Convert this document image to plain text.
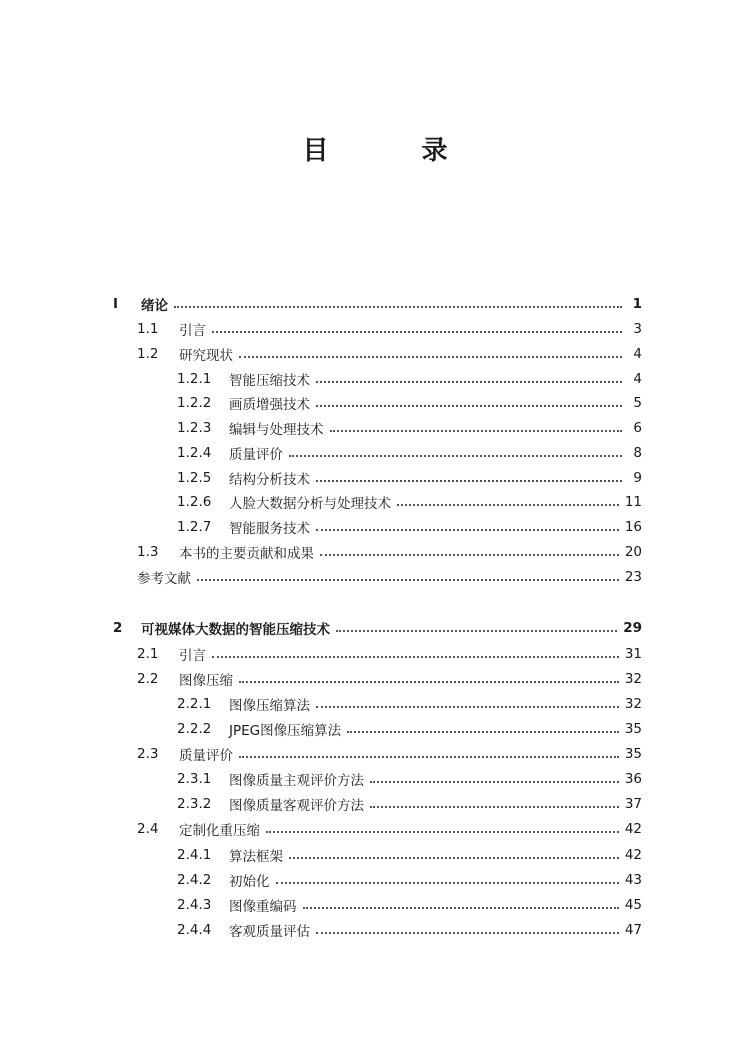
目 录
I	绪论	1
1.1	引言	3
1.2	研究现状	4
1.2.1	智能压缩技术	4
1.2.2	画质增强技术	5
1.2.3	编辑与处理技术	6
1.2.4	质量评价	8
1.2.5	结构分析技术	9
1.2.6	人脸大数据分析与处理技术	11
1.2.7	智能服务技术	16
1.3	本书的主要贡献和成果	20
参考文献	23
2	可视媒体大数据的智能压缩技术	29
2.1	引言	31
2.2	图像压缩	32
2.2.1	图像压缩算法	32
2.2.2	JPEG图像压缩算法	35
2.3	质量评价	35
2.3.1	图像质量主观评价方法	36
2.3.2	图像质量客观评价方法	37
2.4	定制化重压缩	42
2.4.1	算法框架	42
2.4.2	初始化	43
2.4.3	图像重编码	45
2.4.4	客观质量评估	47
